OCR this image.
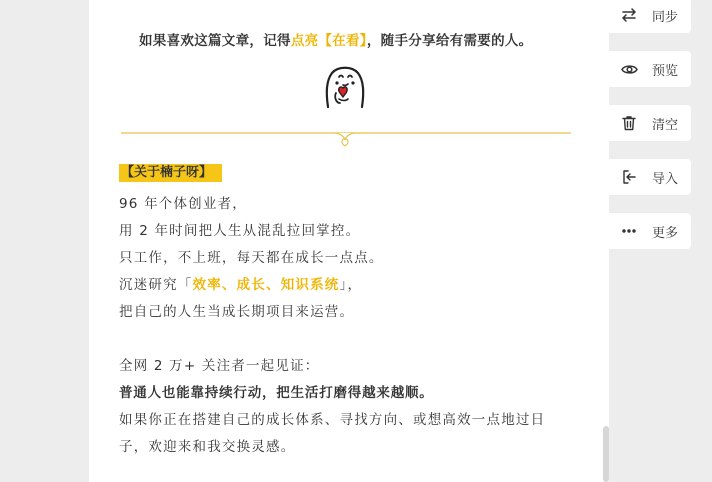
如果喜欢这篇文章，记得点亮【在看】，随手分享给有需要的人。
【关于楠子呀】
96 年个体创业者，
用 2 年时间把人生从混乱拉回掌控。
只工作，不上班，每天都在成长一点点。
沉迷研究「效率、成长、知识系统」，
把自己的人生当成长期项目来运营。
全网 2 万+ 关注者一起见证：
普通人也能靠持续行动，把生活打磨得越来越顺。
如果你正在搭建自己的成长体系、寻找方向、或想高效一点地过日
子，欢迎来和我交换灵感。
同步
预览
清空
导入
更多
